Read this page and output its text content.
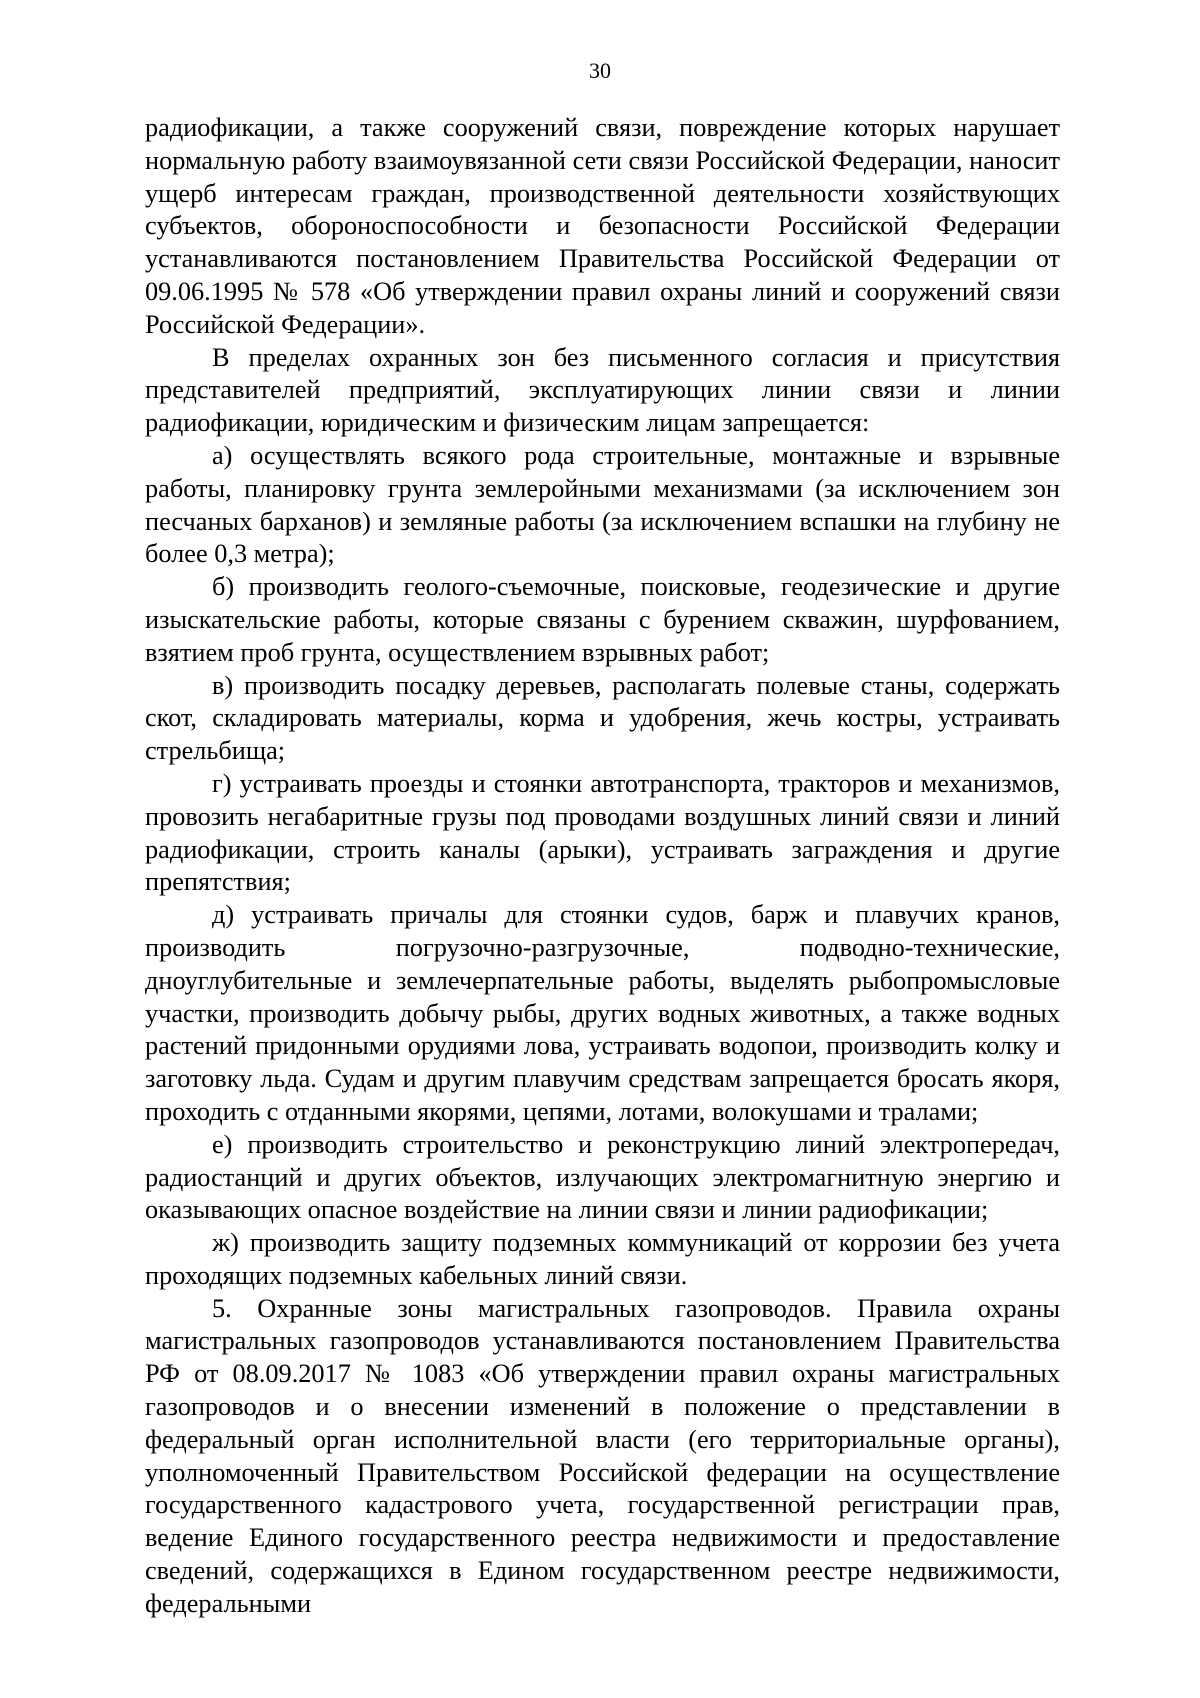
30

радиофикации, а также сооружений связи, повреждение которых нарушает нормальную работу взаимоувязанной сети связи Российской Федерации, наносит ущерб интересам граждан, производственной деятельности хозяйствующих субъектов, обороноспособности и безопасности Российской Федерации устанавливаются постановлением Правительства Российской Федерации от 09.06.1995 № 578 «Об утверждении правил охраны линий и сооружений связи Российской Федерации».

В пределах охранных зон без письменного согласия и присутствия представителей предприятий, эксплуатирующих линии связи и линии радиофикации, юридическим и физическим лицам запрещается:

а) осуществлять всякого рода строительные, монтажные и взрывные работы, планировку грунта землеройными механизмами (за исключением зон песчаных барханов) и земляные работы (за исключением вспашки на глубину не более 0,3 метра);

б) производить геолого-съемочные, поисковые, геодезические и другие изыскательские работы, которые связаны с бурением скважин, шурфованием, взятием проб грунта, осуществлением взрывных работ;

в) производить посадку деревьев, располагать полевые станы, содержать скот, складировать материалы, корма и удобрения, жечь костры, устраивать стрельбища;

г) устраивать проезды и стоянки автотранспорта, тракторов и механизмов, провозить негабаритные грузы под проводами воздушных линий связи и линий радиофикации, строить каналы (арыки), устраивать заграждения и другие препятствия;

д) устраивать причалы для стоянки судов, барж и плавучих кранов, производить погрузочно-разгрузочные, подводно-технические, дноуглубительные и землечерпательные работы, выделять рыбопромысловые участки, производить добычу рыбы, других водных животных, а также водных растений придонными орудиями лова, устраивать водопои, производить колку и заготовку льда. Судам и другим плавучим средствам запрещается бросать якоря, проходить с отданными якорями, цепями, лотами, волокушами и тралами;

е) производить строительство и реконструкцию линий электропередач, радиостанций и других объектов, излучающих электромагнитную энергию и оказывающих опасное воздействие на линии связи и линии радиофикации;

ж) производить защиту подземных коммуникаций от коррозии без учета проходящих подземных кабельных линий связи.

5. Охранные зоны магистральных газопроводов. Правила охраны магистральных газопроводов устанавливаются постановлением Правительства РФ от 08.09.2017 № 1083 «Об утверждении правил охраны магистральных газопроводов и о внесении изменений в положение о представлении в федеральный орган исполнительной власти (его территориальные органы), уполномоченный Правительством Российской федерации на осуществление государственного кадастрового учета, государственной регистрации прав, ведение Единого государственного реестра недвижимости и предоставление сведений, содержащихся в Едином государственном реестре недвижимости, федеральными
